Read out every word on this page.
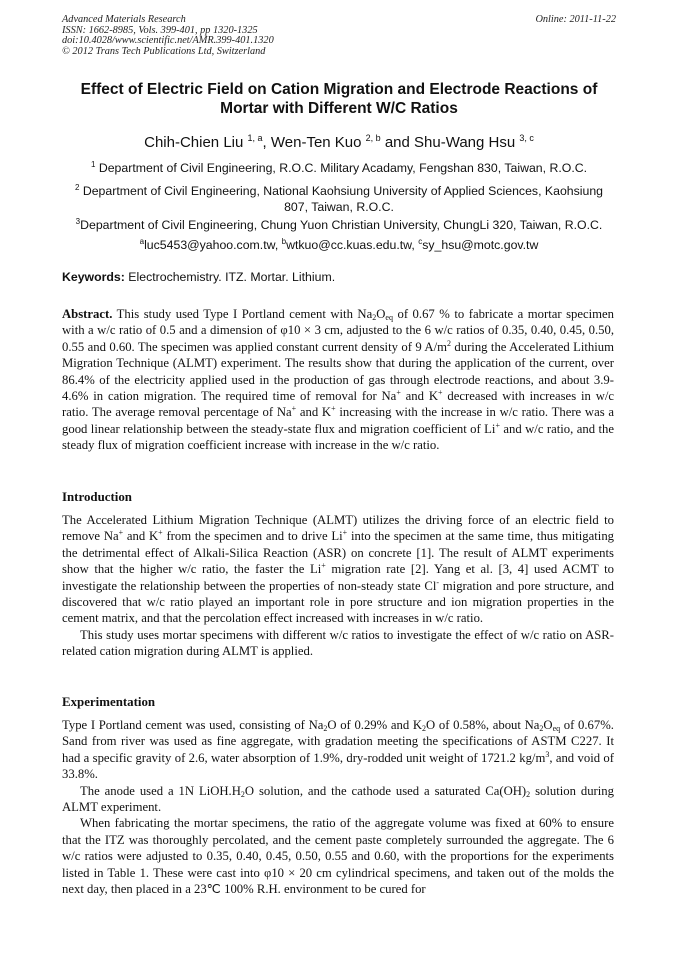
Advanced Materials Research
ISSN: 1662-8985, Vols. 399-401, pp 1320-1325
doi:10.4028/www.scientific.net/AMR.399-401.1320
© 2012 Trans Tech Publications Ltd, Switzerland
Online: 2011-11-22
Effect of Electric Field on Cation Migration and Electrode Reactions of Mortar with Different W/C Ratios
Chih-Chien Liu $^{1, a}$, Wen-Ten Kuo $^{2, b}$ and Shu-Wang Hsu $^{3, c}$
$^1$ Department of Civil Engineering, R.O.C. Military Acadamy, Fengshan 830, Taiwan, R.O.C.
$^2$ Department of Civil Engineering, National Kaohsiung University of Applied Sciences, Kaohsiung 807, Taiwan, R.O.C.
$^3$Department of Civil Engineering, Chung Yuon Christian University, ChungLi 320, Taiwan, R.O.C.
$^a$luc5453@yahoo.com.tw, $^b$wtkuo@cc.kuas.edu.tw, $^c$sy_hsu@motc.gov.tw
Keywords: Electrochemistry. ITZ. Mortar. Lithium.

Abstract. This study used Type I Portland cement with $Na_2O_{eq}$ of 0.67 % to fabricate a mortar specimen with a w/c ratio of 0.5 and a dimension of φ10 × 3 cm, adjusted to the 6 w/c ratios of 0.35, 0.40, 0.45, 0.50, 0.55 and 0.60. The specimen was applied constant current density of 9 $A/m^2$ during the Accelerated Lithium Migration Technique (ALMT) experiment. The results show that during the application of the current, over 86.4% of the electricity applied used in the production of gas through electrode reactions, and about 3.9-4.6% in cation migration. The required time of removal for Na+ and K+ decreased with increases in w/c ratio. The average removal percentage of Na+ and K+ increasing with the increase in w/c ratio. There was a good linear relationship between the steady-state flux and migration coefficient of Li+ and w/c ratio, and the steady flux of migration coefficient increase with increase in the w/c ratio.

Introduction

The Accelerated Lithium Migration Technique (ALMT) utilizes the driving force of an electric field to remove Na+ and K+ from the specimen and to drive Li+ into the specimen at the same time, thus mitigating the detrimental effect of Alkali-Silica Reaction (ASR) on concrete [1]. The result of ALMT experiments show that the higher w/c ratio, the faster the Li+ migration rate [2]. Yang et al. [3, 4] used ACMT to investigate the relationship between the properties of non-steady state Cl- migration and pore structure, and discovered that w/c ratio played an important role in pore structure and ion migration properties in the cement matrix, and that the percolation effect increased with increases in w/c ratio.

This study uses mortar specimens with different w/c ratios to investigate the effect of w/c ratio on ASR-related cation migration during ALMT is applied.

Experimentation

Type I Portland cement was used, consisting of $Na_2O$ of 0.29% and $K_2O$ of 0.58%, about $Na_2O_{eq}$ of 0.67%. Sand from river was used as fine aggregate, with gradation meeting the specifications of ASTM C227. It had a specific gravity of 2.6, water absorption of 1.9%, dry-rodded unit weight of 1721.2 $kg/m^3$, and void of 33.8%.

The anode used a 1N $LiOH.H_2O$ solution, and the cathode used a saturated $Ca(OH)_2$ solution during ALMT experiment.

When fabricating the mortar specimens, the ratio of the aggregate volume was fixed at 60% to ensure that the ITZ was thoroughly percolated, and the cement paste completely surrounded the aggregate. The 6 w/c ratios were adjusted to 0.35, 0.40, 0.45, 0.50, 0.55 and 0.60, with the proportions for the experiments listed in Table 1. These were cast into φ10 × 20 cm cylindrical specimens, and taken out of the molds the next day, then placed in a 23℃ 100% R.H. environment to be cured for
